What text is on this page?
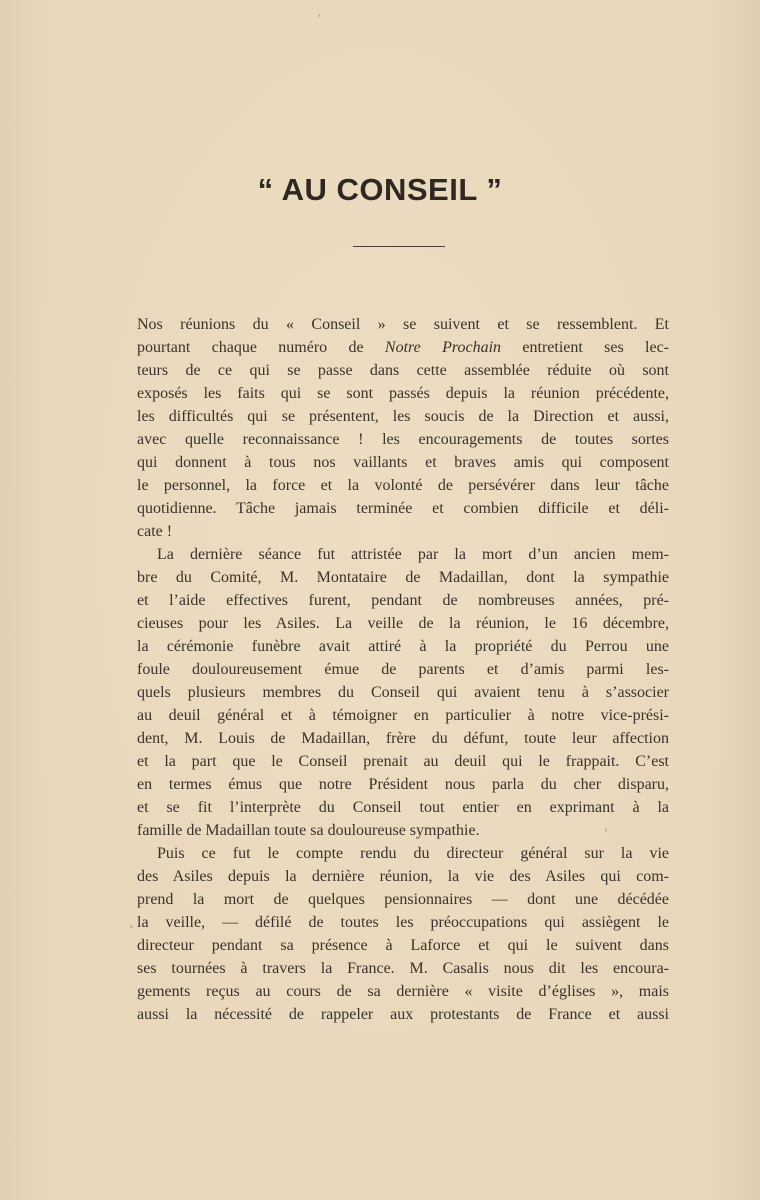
“ AU CONSEIL ”
Nos réunions du « Conseil » se suivent et se ressemblent. Et
pourtant chaque numéro de Notre Prochain entretient ses lec-
teurs de ce qui se passe dans cette assemblée réduite où sont
exposés les faits qui se sont passés depuis la réunion précédente,
les difficultés qui se présentent, les soucis de la Direction et aussi,
avec quelle reconnaissance ! les encouragements de toutes sortes
qui donnent à tous nos vaillants et braves amis qui composent
le personnel, la force et la volonté de persévérer dans leur tâche
quotidienne. Tâche jamais terminée et combien difficile et déli-
cate !
La dernière séance fut attristée par la mort d’un ancien mem-
bre du Comité, M. Montataire de Madaillan, dont la sympathie
et l’aide effectives furent, pendant de nombreuses années, pré-
cieuses pour les Asiles. La veille de la réunion, le 16 décembre,
la cérémonie funèbre avait attiré à la propriété du Perrou une
foule douloureusement émue de parents et d’amis parmi les-
quels plusieurs membres du Conseil qui avaient tenu à s’associer
au deuil général et à témoigner en particulier à notre vice-prési-
dent, M. Louis de Madaillan, frère du défunt, toute leur affection
et la part que le Conseil prenait au deuil qui le frappait. C’est
en termes émus que notre Président nous parla du cher disparu,
et se fit l’interprète du Conseil tout entier en exprimant à la
famille de Madaillan toute sa douloureuse sympathie.
Puis ce fut le compte rendu du directeur général sur la vie
des Asiles depuis la dernière réunion, la vie des Asiles qui com-
prend la mort de quelques pensionnaires — dont une décédée
la veille, — défilé de toutes les préoccupations qui assiègent le
directeur pendant sa présence à Laforce et qui le suivent dans
ses tournées à travers la France. M. Casalis nous dit les encoura-
gements reçus au cours de sa dernière « visite d’églises », mais
aussi la nécessité de rappeler aux protestants de France et aussi
